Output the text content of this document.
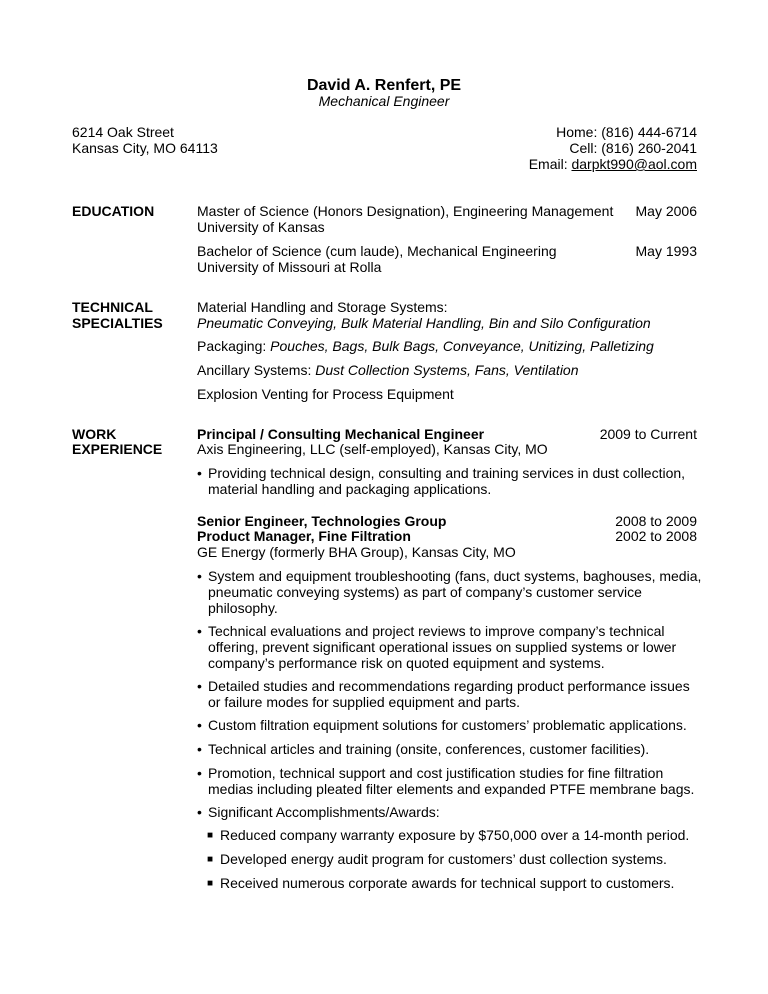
David A. Renfert, PE
Mechanical Engineer
6214 Oak Street
Kansas City, MO 64113
Home: (816) 444-6714
Cell: (816) 260-2041
Email: darpkt990@aol.com
EDUCATION	Master of Science (Honors Designation), Engineering Management May 2006
University of Kansas
Bachelor of Science (cum laude), Mechanical Engineering	May 1993
University of Missouri at Rolla
TECHNICAL
SPECIALTIES
Material Handling and Storage Systems:
Pneumatic Conveying, Bulk Material Handling, Bin and Silo Configuration
Packaging: Pouches, Bags, Bulk Bags, Conveyance, Unitizing, Palletizing
Ancillary Systems: Dust Collection Systems, Fans, Ventilation
Explosion Venting for Process Equipment
WORK
EXPERIENCE
Principal / Consulting Mechanical Engineer	2009 to Current
Axis Engineering, LLC (self-employed), Kansas City, MO
• Providing technical design, consulting and training services in dust collection,
material handling and packaging applications.
Senior Engineer, Technologies Group	2008 to 2009
Product Manager, Fine Filtration	2002 to 2008
GE Energy (formerly BHA Group), Kansas City, MO
• System and equipment troubleshooting (fans, duct systems, baghouses, media,
pneumatic conveying systems) as part of company’s customer service
philosophy.
• Technical evaluations and project reviews to improve company’s technical
offering, prevent significant operational issues on supplied systems or lower
company’s performance risk on quoted equipment and systems.
• Detailed studies and recommendations regarding product performance issues
or failure modes for supplied equipment and parts.
• Custom filtration equipment solutions for customers’ problematic applications.
• Technical articles and training (onsite, conferences, customer facilities).
• Promotion, technical support and cost justification studies for fine filtration
medias including pleated filter elements and expanded PTFE membrane bags.
• Significant Accomplishments/Awards:
■ Reduced company warranty exposure by $750,000 over a 14-month period.
■ Developed energy audit program for customers’ dust collection systems.
■ Received numerous corporate awards for technical support to customers.
